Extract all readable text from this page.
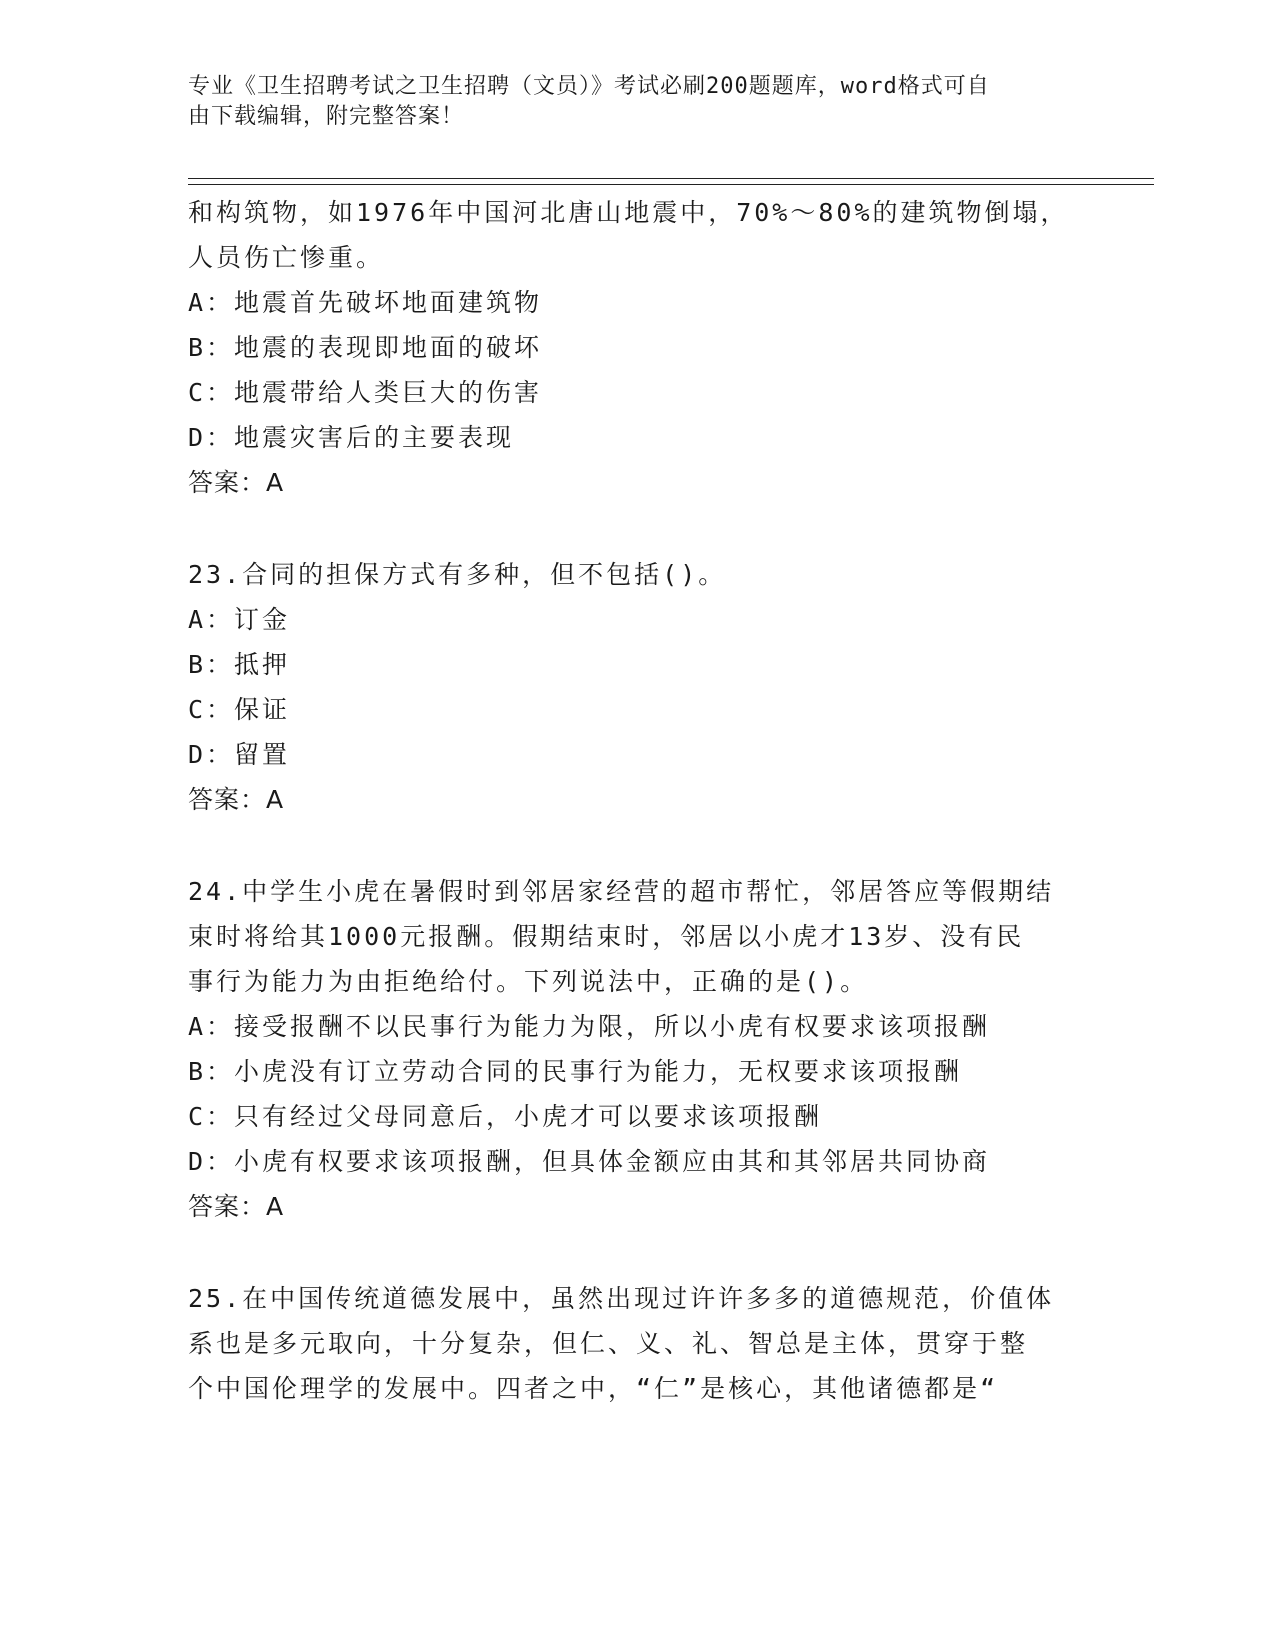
专业《卫生招聘考试之卫生招聘（文员）》考试必刷200题题库，word格式可自
由下载编辑，附完整答案！
和构筑物，如1976年中国河北唐山地震中，70%～80%的建筑物倒塌，
人员伤亡惨重。
A：地震首先破坏地面建筑物
B：地震的表现即地面的破坏
C：地震带给人类巨大的伤害
D：地震灾害后的主要表现
答案：A
23.合同的担保方式有多种，但不包括()。
A：订金
B：抵押
C：保证
D：留置
答案：A
24.中学生小虎在暑假时到邻居家经营的超市帮忙，邻居答应等假期结
束时将给其1000元报酬。假期结束时，邻居以小虎才13岁、没有民
事行为能力为由拒绝给付。下列说法中，正确的是()。
A：接受报酬不以民事行为能力为限，所以小虎有权要求该项报酬
B：小虎没有订立劳动合同的民事行为能力，无权要求该项报酬
C：只有经过父母同意后，小虎才可以要求该项报酬
D：小虎有权要求该项报酬，但具体金额应由其和其邻居共同协商
答案：A
25.在中国传统道德发展中，虽然出现过许许多多的道德规范，价值体
系也是多元取向，十分复杂，但仁、义、礼、智总是主体，贯穿于整
个中国伦理学的发展中。四者之中，“仁”是核心，其他诸德都是“
